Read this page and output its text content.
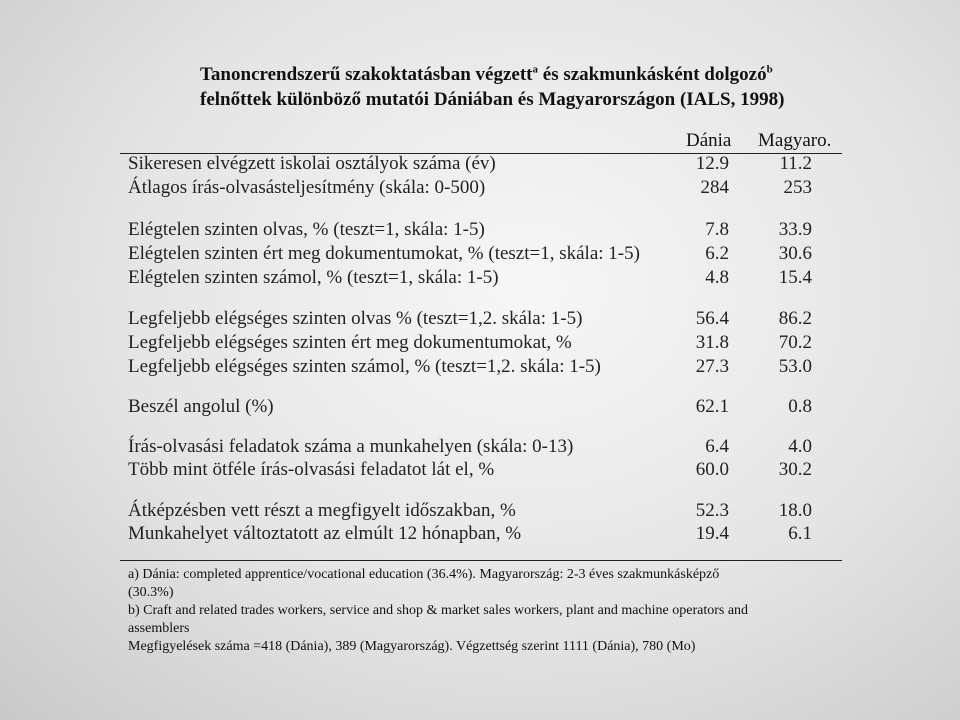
Tanoncrendszerű szakoktatásban végzett$^a$ és szakmunkásként dolgozó$^b$
felnőttek különböző mutatói Dániában és Magyarországon (IALS, 1998)
Dánia Magyaro.
Sikeresen elvégzett iskolai osztályok száma (év)	12.9	11.2
Átlagos írás-olvasásteljesítmény (skála: 0-500)	284	253
Elégtelen szinten olvas, % (teszt=1, skála: 1-5)	7.8	33.9
Elégtelen szinten ért meg dokumentumokat, % (teszt=1, skála: 1-5)	6.2	30.6
Elégtelen szinten számol, % (teszt=1, skála: 1-5)	4.8	15.4
Legfeljebb elégséges szinten olvas % (teszt=1,2. skála: 1-5)	56.4	86.2
Legfeljebb elégséges szinten ért meg dokumentumokat, %	31.8	70.2
Legfeljebb elégséges szinten számol, % (teszt=1,2. skála: 1-5)	27.3	53.0
Beszél angolul (%)	62.1	0.8
Írás-olvasási feladatok száma a munkahelyen (skála: 0-13)	6.4	4.0
Több mint ötféle írás-olvasási feladatot lát el, %	60.0	30.2
Átképzésben vett részt a megfigyelt időszakban, %	52.3	18.0
Munkahelyet változtatott az elmúlt 12 hónapban, %	19.4	6.1
a) Dánia: completed apprentice/vocational education (36.4%). Magyarország: 2-3 éves szakmunkásképző
(30.3%)
b) Craft and related trades workers, service and shop & market sales workers, plant and machine operators and
assemblers
Megfigyelések száma =418 (Dánia), 389 (Magyarország). Végzettség szerint 1111 (Dánia), 780 (Mo)
